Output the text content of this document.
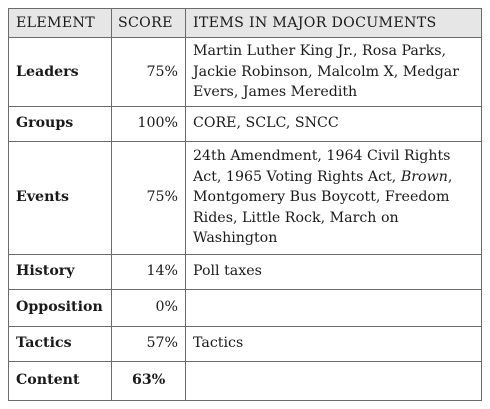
ELEMENT	SCORE	ITEMS IN MAJOR DOCUMENTS
Leaders	75%	Martin Luther King Jr., Rosa Parks, Jackie Robinson, Malcolm X, Medgar Evers, James Meredith
Groups	100%	CORE, SCLC, SNCC
Events	75%	24th Amendment, 1964 Civil Rights Act, 1965 Voting Rights Act, Brown, Montgomery Bus Boycott, Freedom Rides, Little Rock, March on Washington
History	14%	Poll taxes
Opposition	0%	
Tactics	57%	Tactics
Content	63%	
